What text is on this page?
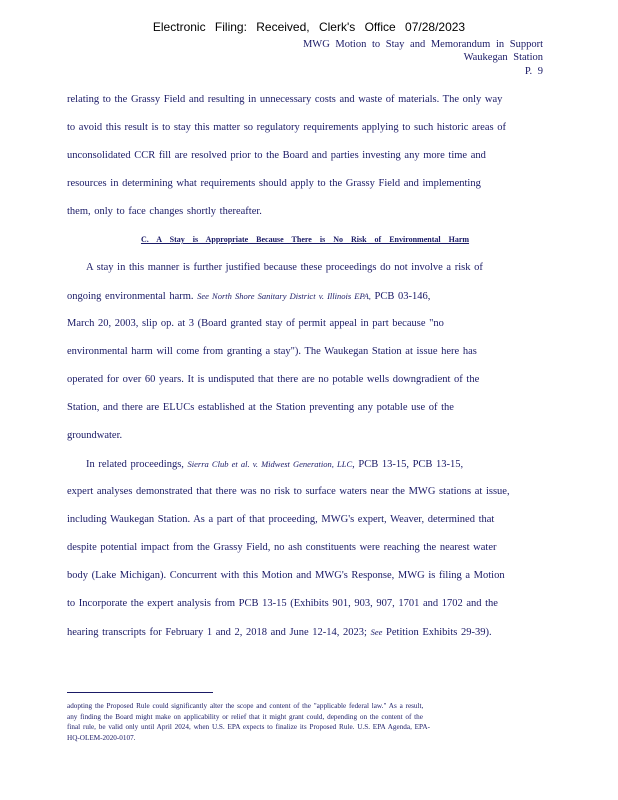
Electronic Filing: Received, Clerk's Office 07/28/2023
MWG Motion to Stay and Memorandum in Support
Waukegan Station
P. 9
relating to the Grassy Field and resulting in unnecessary costs and waste of materials. The only way
to avoid this result is to stay this matter so regulatory requirements applying to such historic areas of
unconsolidated CCR fill are resolved prior to the Board and parties investing any more time and
resources in determining what requirements should apply to the Grassy Field and implementing
them, only to face changes shortly thereafter.
C. A Stay is Appropriate Because There is No Risk of Environmental Harm
A stay in this manner is further justified because these proceedings do not involve a risk of
ongoing environmental harm. See North Shore Sanitary District v. Illinois EPA, PCB 03-146,
March 20, 2003, slip op. at 3 (Board granted stay of permit appeal in part because "no
environmental harm will come from granting a stay"). The Waukegan Station at issue here has
operated for over 60 years. It is undisputed that there are no potable wells downgradient of the
Station, and there are ELUCs established at the Station preventing any potable use of the
groundwater.
In related proceedings, Sierra Club et al. v. Midwest Generation, LLC, PCB 13-15, PCB 13-15,
expert analyses demonstrated that there was no risk to surface waters near the MWG stations at issue,
including Waukegan Station. As a part of that proceeding, MWG's expert, Weaver, determined that
despite potential impact from the Grassy Field, no ash constituents were reaching the nearest water
body (Lake Michigan). Concurrent with this Motion and MWG's Response, MWG is filing a Motion
to Incorporate the expert analysis from PCB 13-15 (Exhibits 901, 903, 907, 1701 and 1702 and the
hearing transcripts for February 1 and 2, 2018 and June 12-14, 2023; See Petition Exhibits 29-39).
adopting the Proposed Rule could significantly alter the scope and content of the "applicable federal law." As a result,
any finding the Board might make on applicability or relief that it might grant could, depending on the content of the
final rule, be valid only until April 2024, when U.S. EPA expects to finalize its Proposed Rule. U.S. EPA Agenda, EPA-
HQ-OLEM-2020-0107.
